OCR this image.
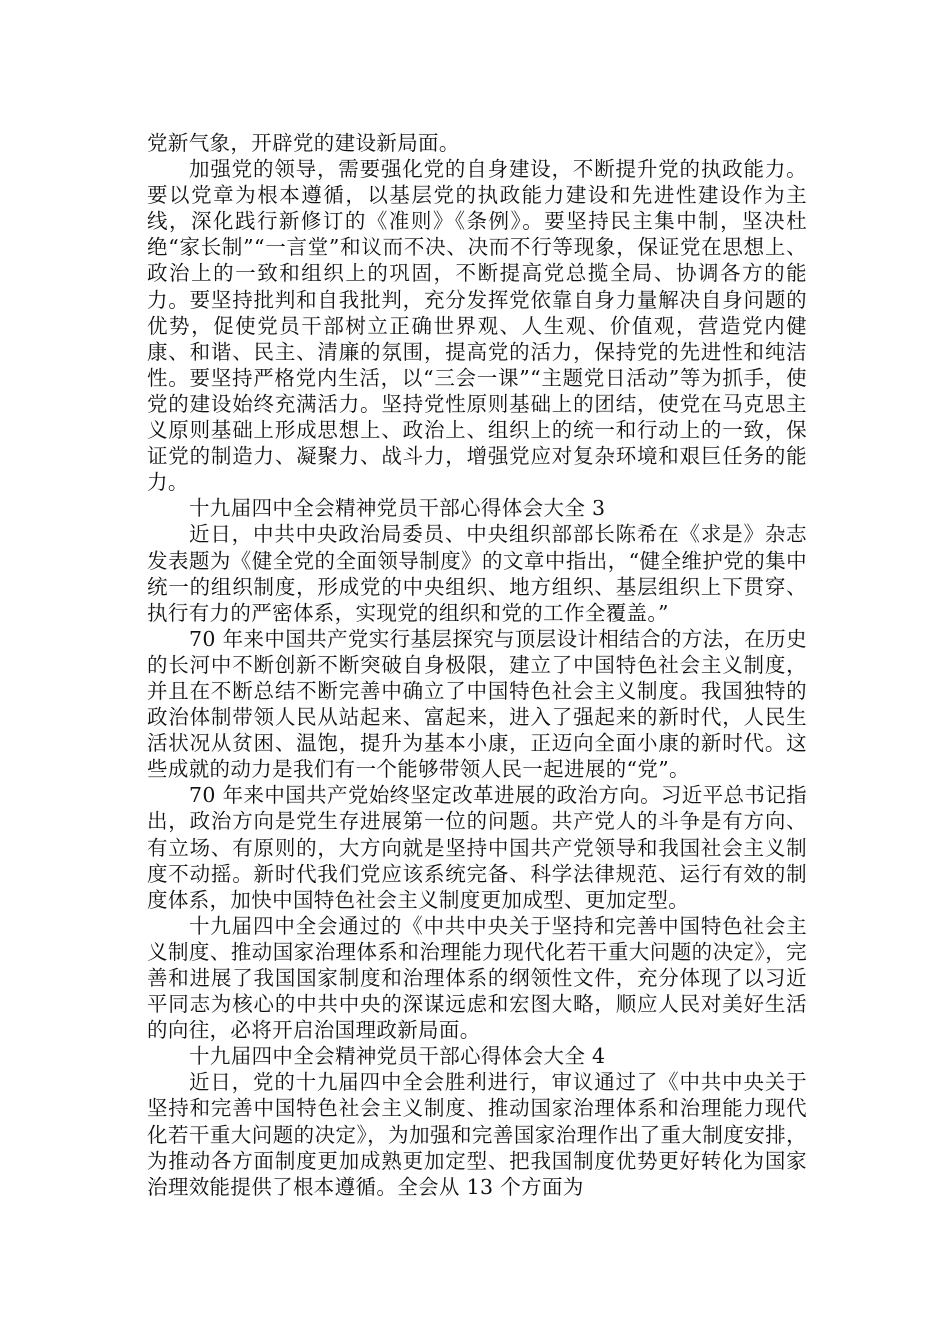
党新气象，开辟党的建设新局面。

加强党的领导，需要强化党的自身建设，不断提升党的执政能力。要以党章为根本遵循，以基层党的执政能力建设和先进性建设作为主线，深化践行新修订的《准则》《条例》。要坚持民主集中制，坚决杜绝“家长制”“一言堂”和议而不决、决而不行等现象，保证党在思想上、政治上的一致和组织上的巩固，不断提高党总揽全局、协调各方的能力。要坚持批判和自我批判，充分发挥党依靠自身力量解决自身问题的优势，促使党员干部树立正确世界观、人生观、价值观，营造党内健康、和谐、民主、清廉的氛围，提高党的活力，保持党的先进性和纯洁性。要坚持严格党内生活，以“三会一课”“主题党日活动”等为抓手，使党的建设始终充满活力。坚持党性原则基础上的团结，使党在马克思主义原则基础上形成思想上、政治上、组织上的统一和行动上的一致，保证党的制造力、凝聚力、战斗力，增强党应对复杂环境和艰巨任务的能力。

十九届四中全会精神党员干部心得体会大全 3

近日，中共中央政治局委员、中央组织部部长陈希在《求是》杂志发表题为《健全党的全面领导制度》的文章中指出，“健全维护党的集中统一的组织制度，形成党的中央组织、地方组织、基层组织上下贯穿、执行有力的严密体系，实现党的组织和党的工作全覆盖。”

70 年来中国共产党实行基层探究与顶层设计相结合的方法，在历史的长河中不断创新不断突破自身极限，建立了中国特色社会主义制度，并且在不断总结不断完善中确立了中国特色社会主义制度。我国独特的政治体制带领人民从站起来、富起来，进入了强起来的新时代，人民生活状况从贫困、温饱，提升为基本小康，正迈向全面小康的新时代。这些成就的动力是我们有一个能够带领人民一起进展的“党”。

70 年来中国共产党始终坚定改革进展的政治方向。习近平总书记指出，政治方向是党生存进展第一位的问题。共产党人的斗争是有方向、有立场、有原则的，大方向就是坚持中国共产党领导和我国社会主义制度不动摇。新时代我们党应该系统完备、科学法律规范、运行有效的制度体系，加快中国特色社会主义制度更加成型、更加定型。

十九届四中全会通过的《中共中央关于坚持和完善中国特色社会主义制度、推动国家治理体系和治理能力现代化若干重大问题的决定》，完善和进展了我国国家制度和治理体系的纲领性文件，充分体现了以习近平同志为核心的中共中央的深谋远虑和宏图大略，顺应人民对美好生活的向往，必将开启治国理政新局面。

十九届四中全会精神党员干部心得体会大全 4

近日，党的十九届四中全会胜利进行，审议通过了《中共中央关于坚持和完善中国特色社会主义制度、推动国家治理体系和治理能力现代化若干重大问题的决定》，为加强和完善国家治理作出了重大制度安排，为推动各方面制度更加成熟更加定型、把我国制度优势更好转化为国家治理效能提供了根本遵循。全会从 13 个方面为
